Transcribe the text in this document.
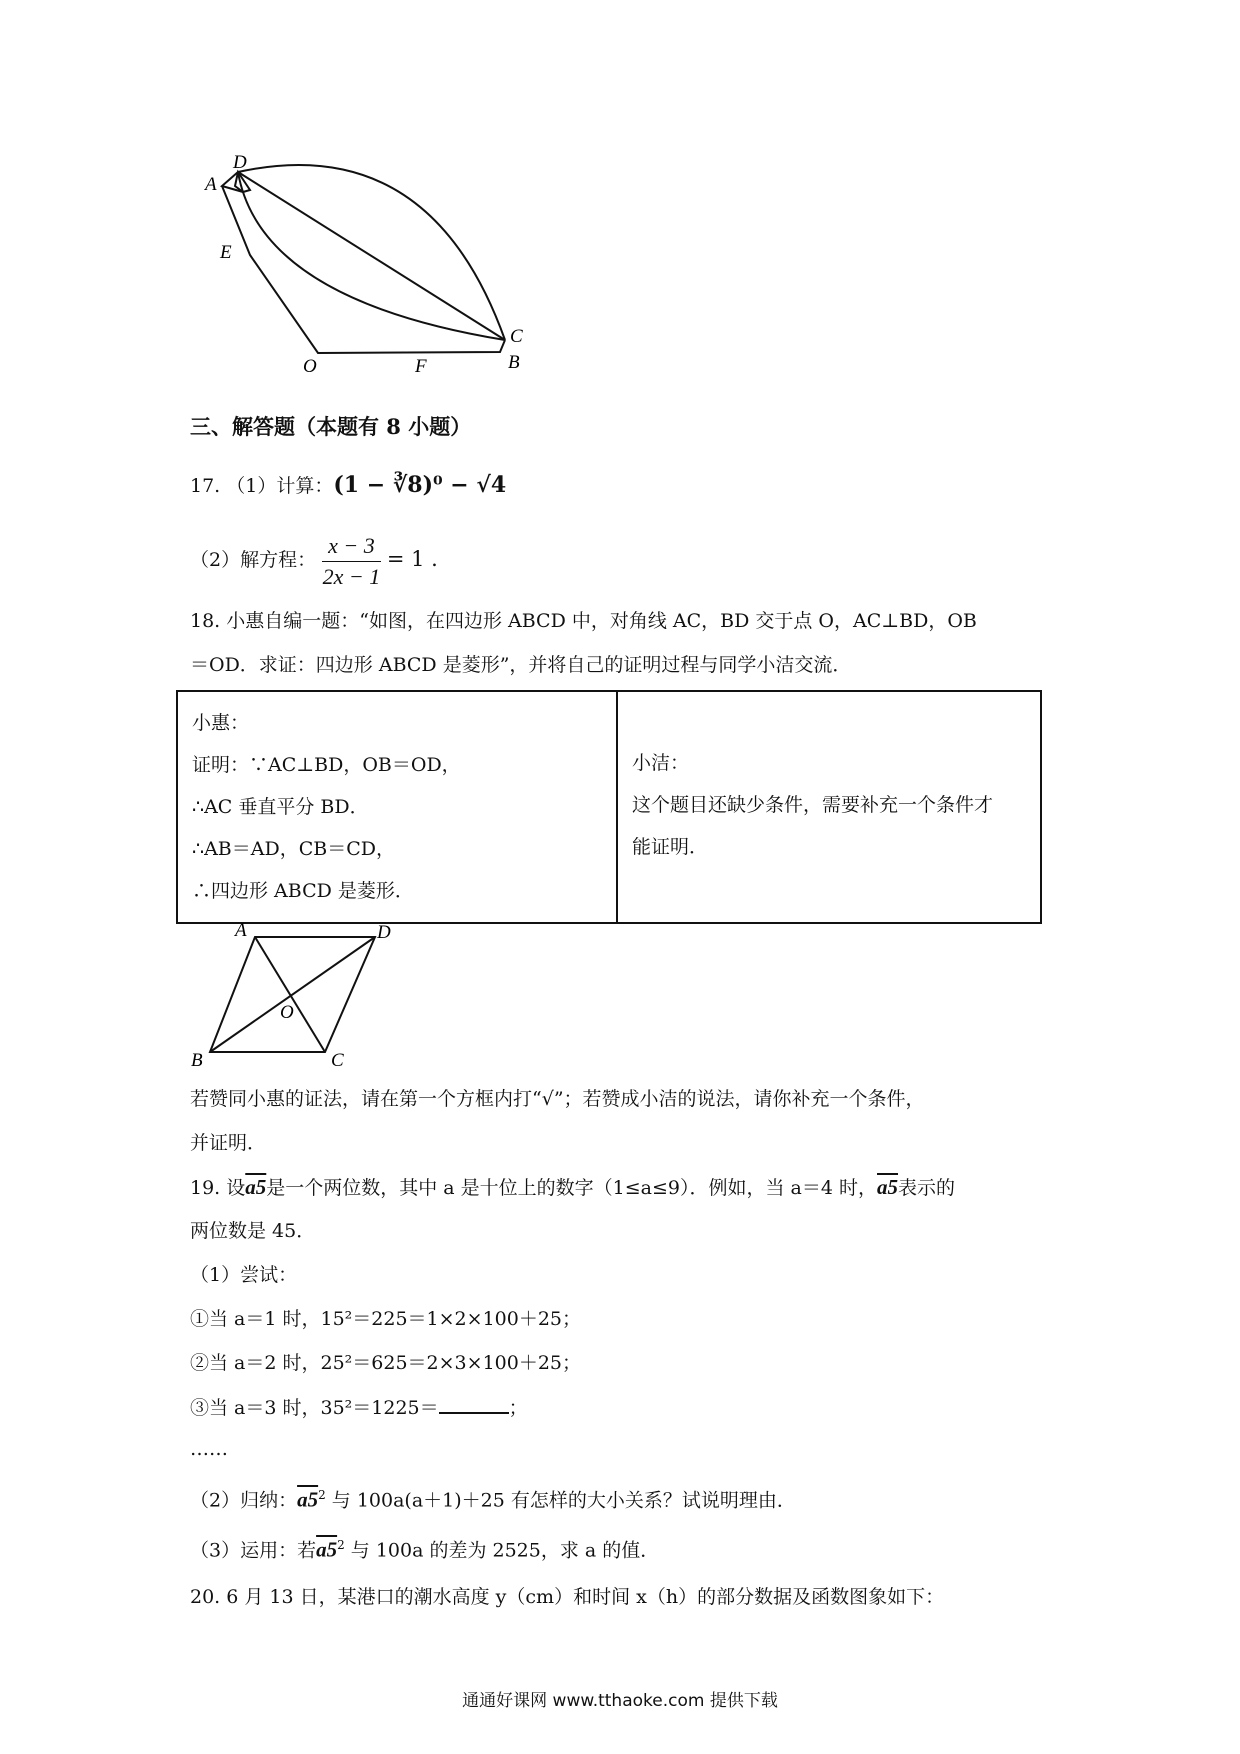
A
D
E
C
O	F	B
三、解答题（本题有 8 小题）
17. （1）计算：(1 − ∛8)⁰ − √4
（2）解方程： $\frac{x - 3}{2x - 1} = 1$ .
18. 小惠自编一题：“如图，在四边形 ABCD 中，对角线 AC，BD 交于点 O，AC⊥BD，OB
＝OD．求证：四边形 ABCD 是菱形”，并将自己的证明过程与同学小洁交流．
小惠：
证明：∵AC⊥BD，OB＝OD，
∴AC 垂直平分 BD．
∴AB＝AD，CB＝CD，
∴四边形 ABCD 是菱形．

小洁：
这个题目还缺少条件，需要补充一个条件才
能证明．
A	D
O
B	C
若赞同小惠的证法，请在第一个方框内打“√”；若赞成小洁的说法，请你补充一个条件，
并证明．
19. 设a5是一个两位数，其中 a 是十位上的数字（1≤a≤9）．例如，当 a＝4 时，a5表示的
两位数是 45．
（1）尝试：
①当 a＝1 时，15²＝225＝1×2×100＋25；
②当 a＝2 时，25²＝625＝2×3×100＋25；
③当 a＝3 时，35²＝1225＝	；
……
（2）归纳：$a5^2$ 与 100a(a＋1)＋25 有怎样的大小关系？试说明理由．
（3）运用：若$a5^2$ 与 100a 的差为 2525，求 a 的值．
20. 6 月 13 日，某港口的潮水高度 y（cm）和时间 x（h）的部分数据及函数图象如下：
通通好课网 www.tthaoke.com 提供下载
